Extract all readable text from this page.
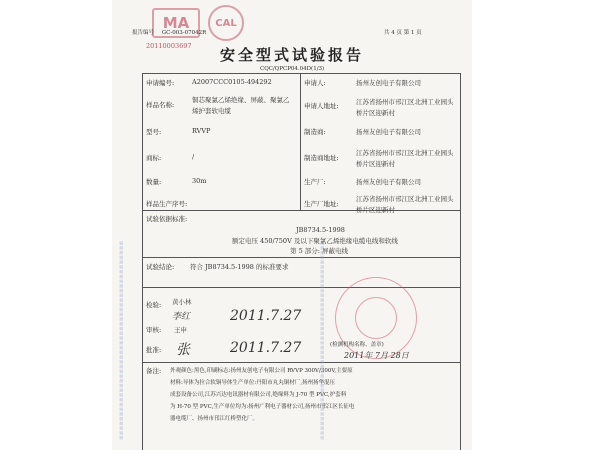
MA	CAL
报告编号 GC-003-07042R	共 4 页 第 1 页
20110003697 安全型式试验报告
CQC/QPCP04.04D(1/3)
申请编号:	A2007CCC0105-494292
样品名称:
铜芯聚氯乙烯绝缘、屏蔽、聚氯乙烯护套软电缆
型号:	RVVP
商标:	/
数量:	30m
样品生产序号:
申请人:	扬州友创电子有限公司
申请人地址:	江苏省扬州市邗江区北洲工业园头桥片区迎新村
制造商:	扬州友创电子有限公司
制造商地址:
江苏省扬州市邗江区北洲工业园头桥片区迎新村
生产厂:	扬州友创电子有限公司
生产厂地址:
江苏省扬州市邗江区北洲工业园头桥片区迎新村
试验依据标准:
JB8734.5-1998
额定电压 450/750V 及以下聚氯乙烯绝缘电缆电线和软线
第 5 部分: 屏蔽电线
试验结论: 符合 JB8734.5-1998 的标准要求
检验: 黄小林
李红	2011.7.27
审核: 王申
批准: 张	2011.7.27	(检测机构名称、盖章)
2011年 7月 28日
备注: 外观颜色:黑色,印刷标志:扬州友创电子有限公司 RVVP 300V/300V,主要原
材料:导体为拉合软铜导体生产单位:丹阳市丸丸铜材厂,扬州扬华混压
成套设备公司,江苏兴达电讯器材有限公司,绝缘料为 J-70 型 PVC,护套料
为 H-70 型 PVC,生产单位均为:扬州广利电子器材公司,扬州市邗江区长征电
器电缆厂、扬州市邗江红桥塑化厂。
▪▪▪▪▪▪▪▪▪▪▪▪▪▪▪▪▪▪▪▪▪▪▪▪▪▪▪▪▪▪▪▪▪▪▪▪▪▪▪▪▪▪	▪▪▪▪▪▪▪▪▪▪▪▪▪▪▪▪▪▪▪▪▪▪▪▪▪▪▪▪▪▪▪▪▪▪▪▪▪▪▪▪▪▪
